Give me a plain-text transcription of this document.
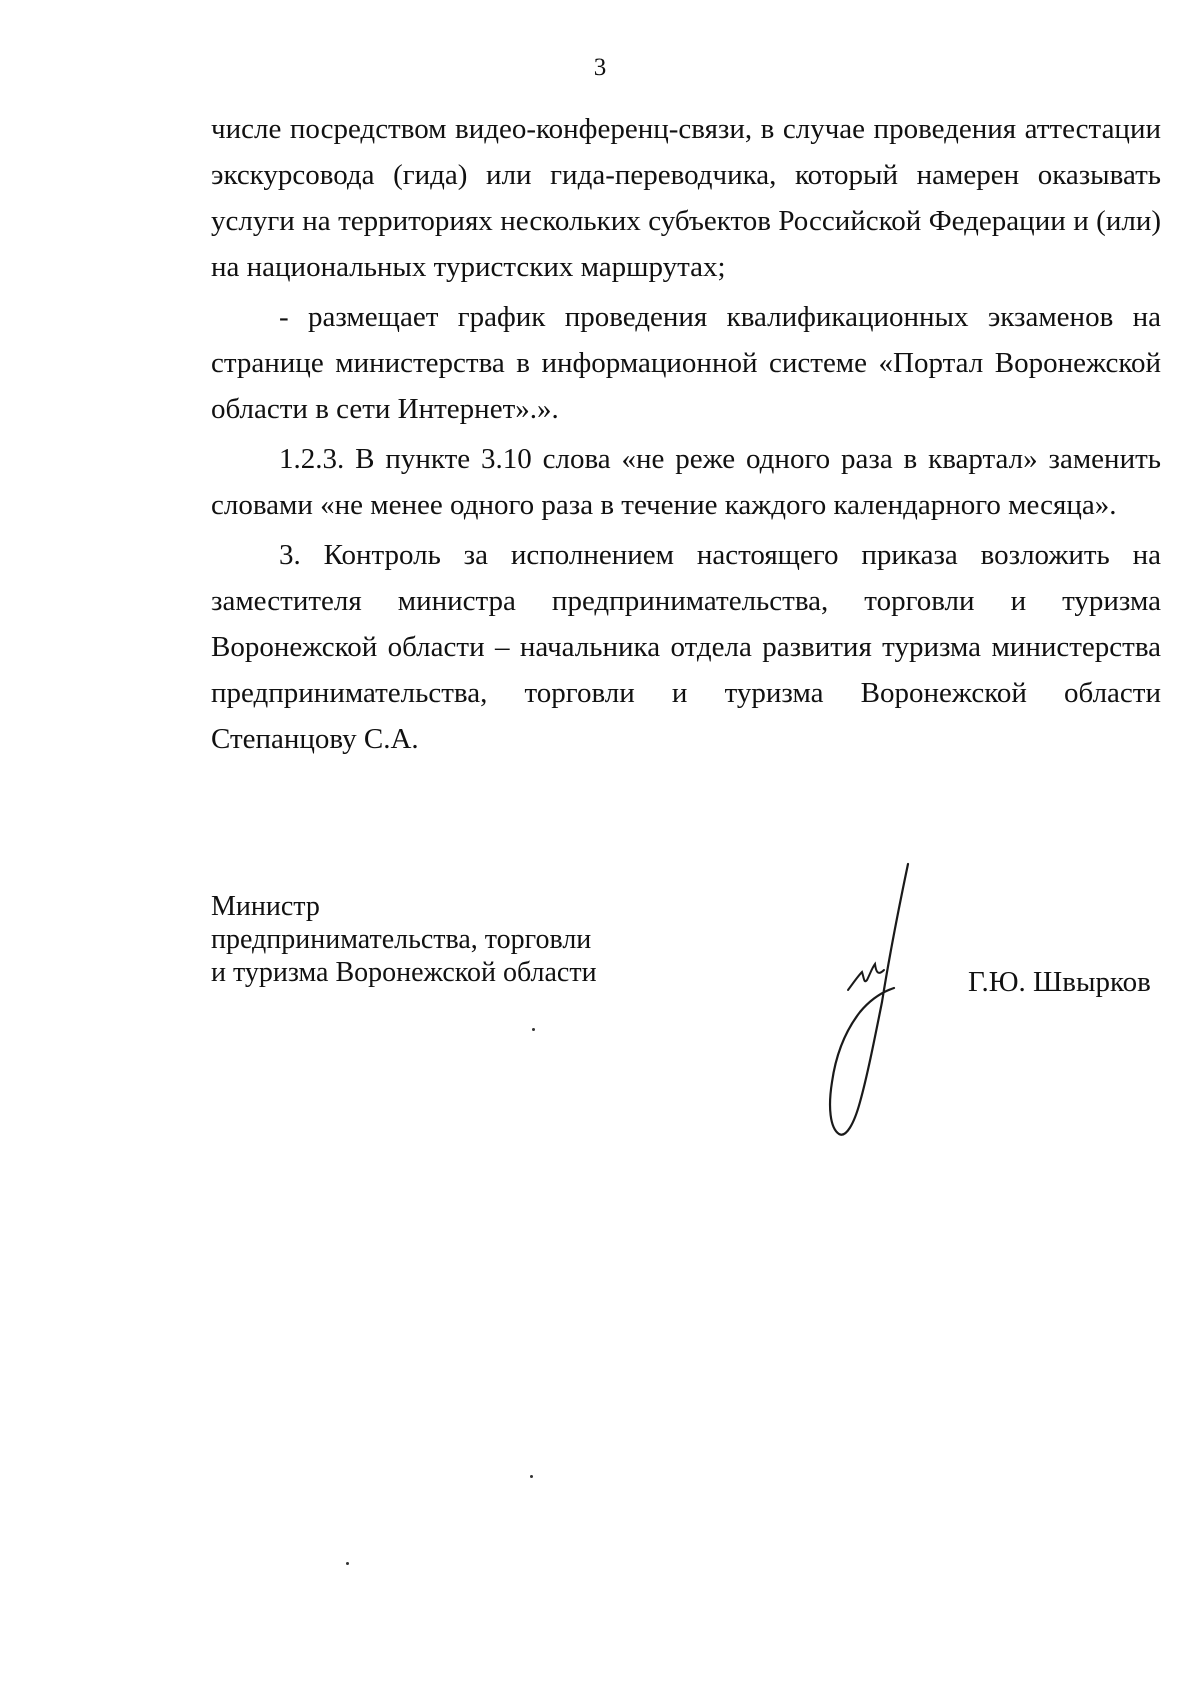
3

числе посредством видео-конференц-связи, в случае проведения аттестации экскурсовода (гида) или гида-переводчика, который намерен оказывать услуги на территориях нескольких субъектов Российской Федерации и (или) на национальных туристских маршрутах;

- размещает график проведения квалификационных экзаменов на странице министерства в информационной системе «Портал Воронежской области в сети Интернет».».

1.2.3. В пункте 3.10 слова «не реже одного раза в квартал» заменить словами «не менее одного раза в течение каждого календарного месяца».

3. Контроль за исполнением настоящего приказа возложить на заместителя министра предпринимательства, торговли и туризма Воронежской области – начальника отдела развития туризма министерства предпринимательства, торговли и туризма Воронежской области Степанцову С.А.

Министр
предпринимательства, торговли
и туризма Воронежской области	Г.Ю. Швырков
